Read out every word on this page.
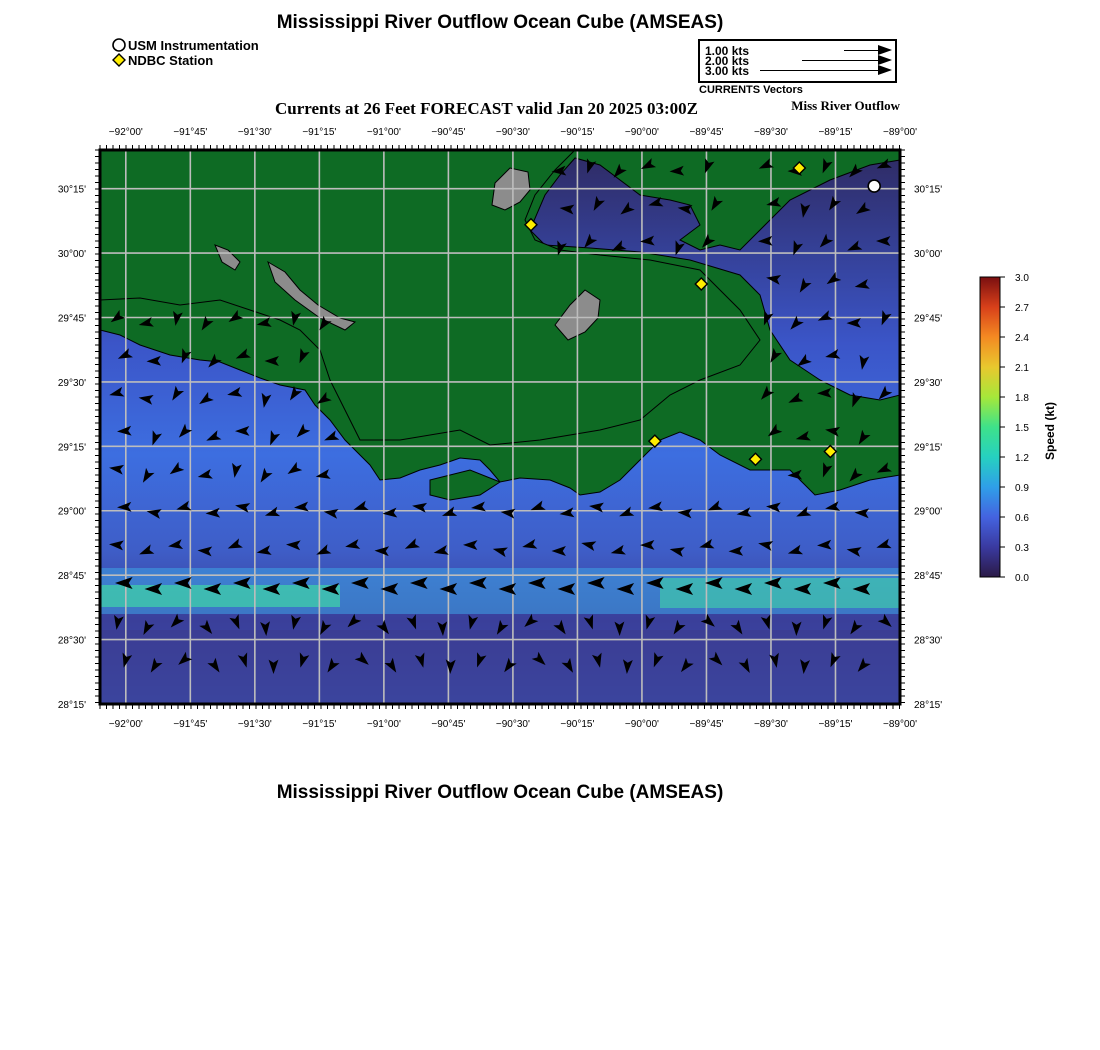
Mississippi River Outflow Ocean Cube (AMSEAS)
USM Instrumentation
NDBC Station
1.00 kts
2.00 kts
3.00 kts
CURRENTS Vectors
Currents at 26 Feet FORECAST valid Jan 20 2025 03:00Z	Miss River Outflow
−92°00'	−91°45'	−91°30'	−91°15'	−91°00'	−90°45'	−90°30'	−90°15'	−90°00'	−89°45'	−89°30'	−89°15'	−89°00'
−92°00'	−91°45'	−91°30'	−91°15'	−91°00'	−90°45'	−90°30'	−90°15'	−90°00'	−89°45'	−89°30'	−89°15'	−89°00'
30°15'
30°00'
29°45'
29°30'
29°15'
29°00'
28°45'
28°30'
28°15'
30°15'
30°00'
29°45'
29°30'
29°15'
29°00'
28°45'
28°30'
28°15'
3.0
2.7
2.4
2.1
1.8
1.5
1.2
0.9
0.6
0.3
0.0
Speed (kt)
Mississippi River Outflow Ocean Cube (AMSEAS)
